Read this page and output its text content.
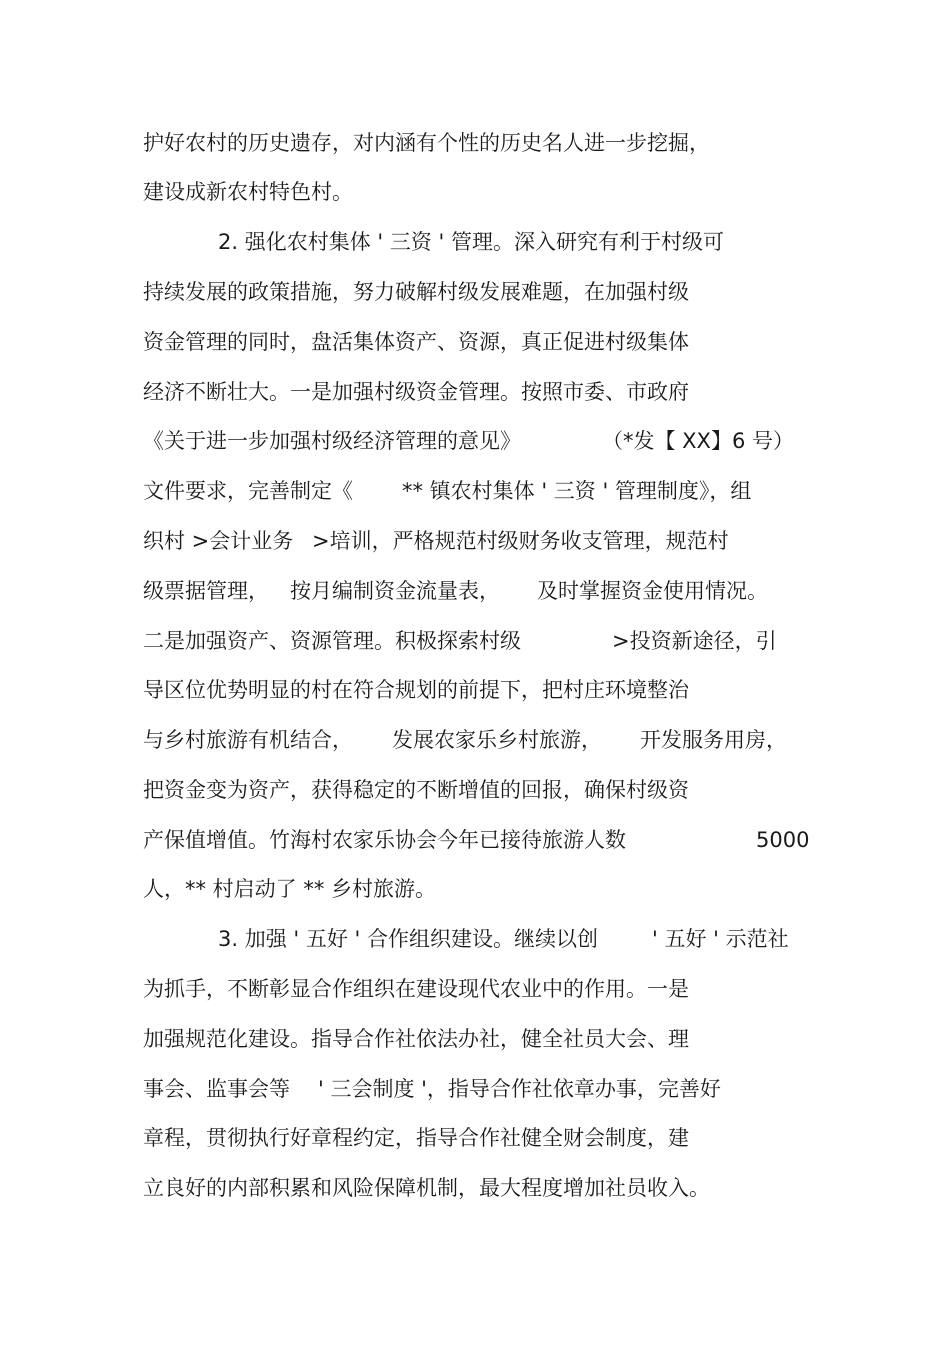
护好农村的历史遗存，对内涵有个性的历史名人进一步挖掘，

建设成新农村特色村。

2. 强化农村集体 ' 三资 ' 管理。深入研究有利于村级可

持续发展的政策措施，努力破解村级发展难题，在加强村级

资金管理的同时，盘活集体资产、资源，真正促进村级集体

经济不断壮大。一是加强村级资金管理。按照市委、市政府

《关于进一步加强村级经济管理的意见》

	（*发【 XX】6 号）

文件要求，完善制定《

** 镇农村集体 ' 三资 ' 管理制度》，组

织村 >会计业务

>培训，严格规范村级财务收支管理，规范村

级票据管理，

按月编制资金流量表，

及时掌握资金使用情况。

二是加强资产、资源管理。积极探索村级

	>投资新途径，引

导区位优势明显的村在符合规划的前提下，把村庄环境整治

与乡村旅游有机结合，

发展农家乐乡村旅游，

开发服务用房，

把资金变为资产，获得稳定的不断增值的回报，确保村级资

产保值增值。竹海村农家乐协会今年已接待旅游人数

	5000

人，** 村启动了 ** 乡村旅游。

3. 加强 ' 五好 ' 合作组织建设。继续以创

	' 五好 ' 示范社

为抓手，不断彰显合作组织在建设现代农业中的作用。一是

加强规范化建设。指导合作社依法办社，健全社员大会、理

事会、监事会等

' 三会制度 '，指导合作社依章办事，完善好

章程，贯彻执行好章程约定，指导合作社健全财会制度，建

立良好的内部积累和风险保障机制，最大程度增加社员收入。
